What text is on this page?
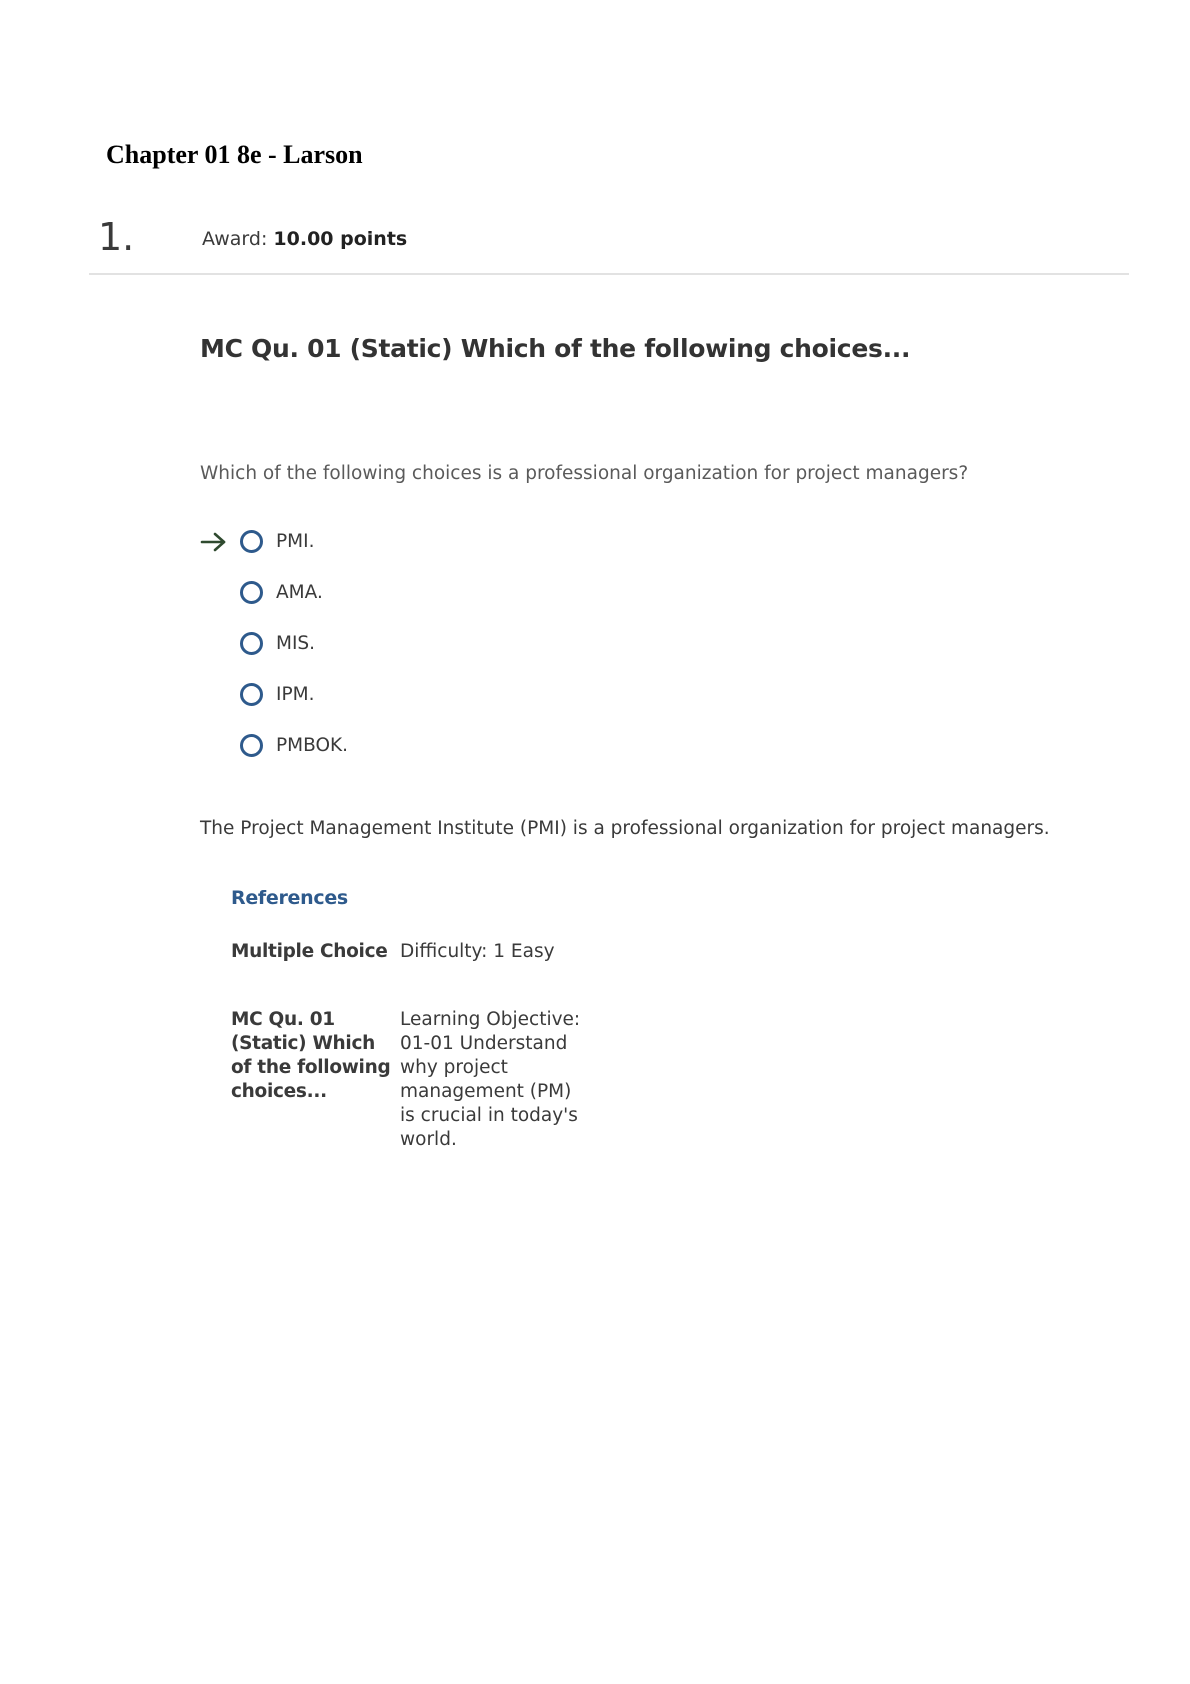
Chapter 01 8e - Larson
1.	Award: 10.00 points
MC Qu. 01 (Static) Which of the following choices...
Which of the following choices is a professional organization for project managers?
PMI.
AMA.
MIS.
IPM.
PMBOK.
The Project Management Institute (PMI) is a professional organization for project managers.
References
Multiple Choice	Difficulty: 1 Easy
MC Qu. 01 (Static) Which of the following choices...	Learning Objective: 01-01 Understand why project management (PM) is crucial in today's world.
